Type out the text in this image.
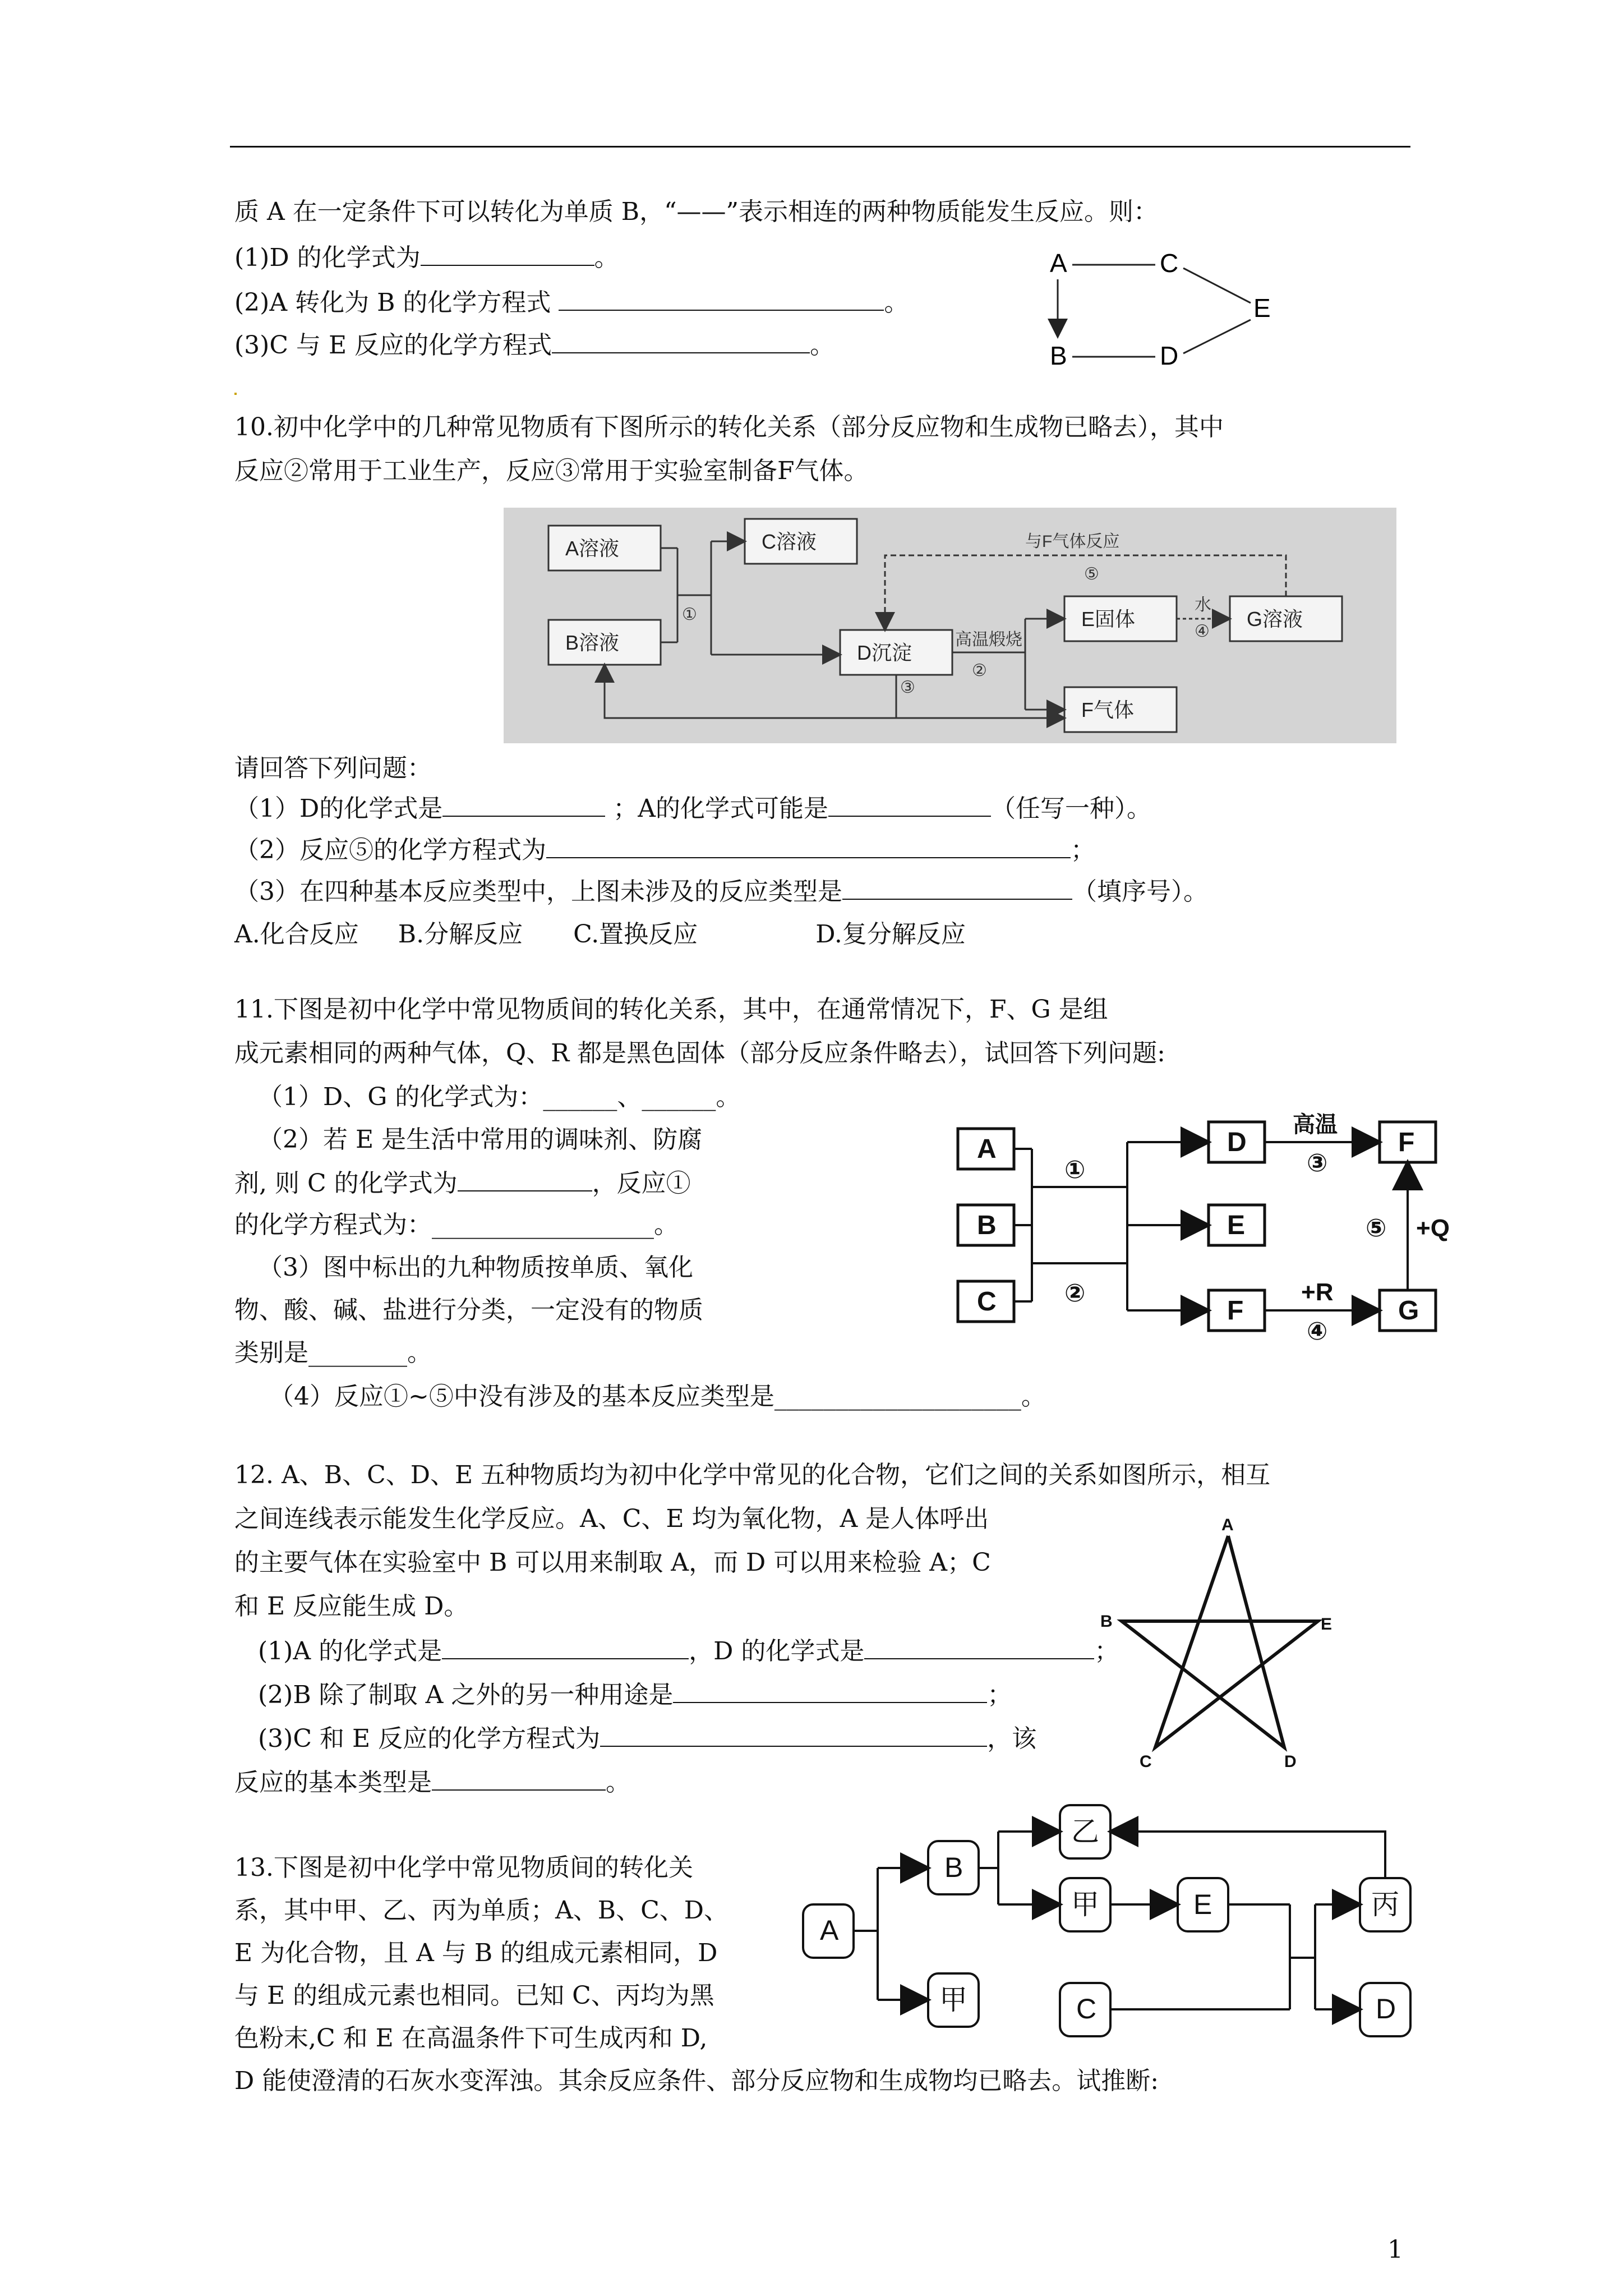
质 A 在一定条件下可以转化为单质 B，“——”表示相连的两种物质能发生反应。则：
(1)D 的化学式为	。
(2)A 转化为 B 的化学方程式	。
(3)C 与 E 反应的化学方程式	。
A	C
E
B	D
10.初中化学中的几种常见物质有下图所示的转化关系（部分反应物和生成物已略去），其中
反应②常用于工业生产，反应③常用于实验室制备F气体。
A溶液
B溶液
C溶液
D沉淀
E固体	G溶液
F气体
①
高温煅烧
②
③
水
④
与F气体反应
⑤
请回答下列问题：
（1）D的化学式是	；A的化学式可能是	（任写一种）。
（2）反应⑤的化学方程式为	；
（3）在四种基本反应类型中，上图未涉及的反应类型是	（填序号）。
A.化合反应 B.分解反应 C.置换反应	D.复分解反应
11.下图是初中化学中常见物质间的转化关系，其中，在通常情况下，F、G 是组
成元素相同的两种气体，Q、R 都是黑色固体（部分反应条件略去），试回答下列问题:
（1）D、G 的化学式为：______、______。
（2）若 E 是生活中常用的调味剂、防腐
剂, 则 C 的化学式为	，反应①
的化学方程式为：__________________。
（3）图中标出的九种物质按单质、氧化
物、酸、碱、盐进行分类，一定没有的物质
类别是________。
（4）反应①~⑤中没有涉及的基本反应类型是____________________。
A
B
C
D
E
F
F
G
①
②
高温
③
+R
④
⑤ +Q
12. A、B、C、D、E 五种物质均为初中化学中常见的化合物，它们之间的关系如图所示，相互
之间连线表示能发生化学反应。A、C、E 均为氧化物，A 是人体呼出
的主要气体在实验室中 B 可以用来制取 A，而 D 可以用来检验 A；C
和 E 反应能生成 D。
(1)A 的化学式是	，D 的化学式是	；
(2)B 除了制取 A 之外的另一种用途是	；
(3)C 和 E 反应的化学方程式为	，该
反应的基本类型是	。
A
B	E
C	D
13.下图是初中化学中常见物质间的转化关
系，其中甲、乙、丙为单质；A、B、C、D、
E 为化合物，且 A 与 B 的组成元素相同，D
与 E 的组成元素也相同。已知 C、丙均为黑
色粉末,C 和 E 在高温条件下可生成丙和 D,
D 能使澄清的石灰水变浑浊。其余反应条件、部分反应物和生成物均已略去。试推断:
A
B
乙
甲	E	丙
甲	C	D
1
